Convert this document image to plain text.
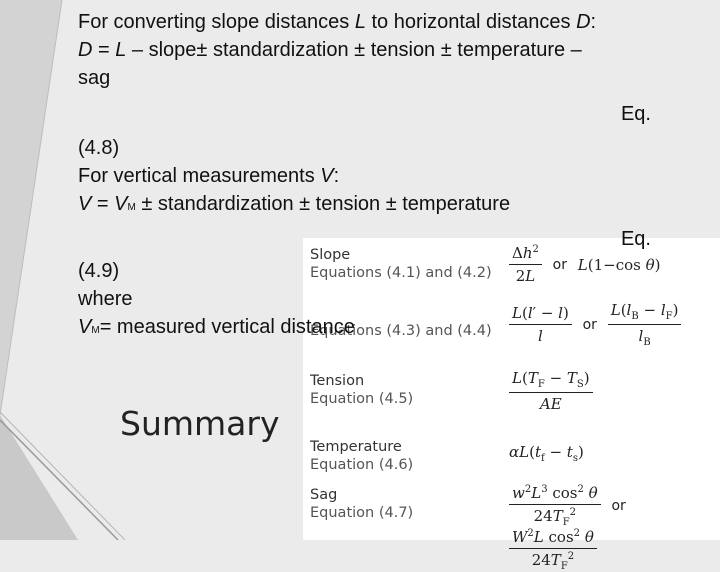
Slope
Equations (4.1) and $(4.2) \frac{\Delta h^2}{2L}$ or L(1−cos θ)
Equations (4.3) and $(4.4) \frac{L(l' - l)}{l}$ or $\frac{L(l_B - l_F)}{l_B}$
Tension
Equation (4.5)	$\frac{L(T_F - T_S)}{AE}$
Temperature
Equation (4.6)
$\alpha L(t_f - t_s)$
Sag
Equation (4.7)	$\frac{w^2L^3 \cos^2 \theta}{24T_F^2}$ or
$\frac{W^2L \cos^2 \theta}{24T_F^2}$
For converting slope distances L to horizontal distances D:
D = L – slope± standardization ± tension ± temperature –
sag
Eq.
(4.8)
For vertical measurements V:
V = VM ± standardization ± tension ± temperature
Eq.
(4.9)
where
VM= measured vertical distance
Summary
